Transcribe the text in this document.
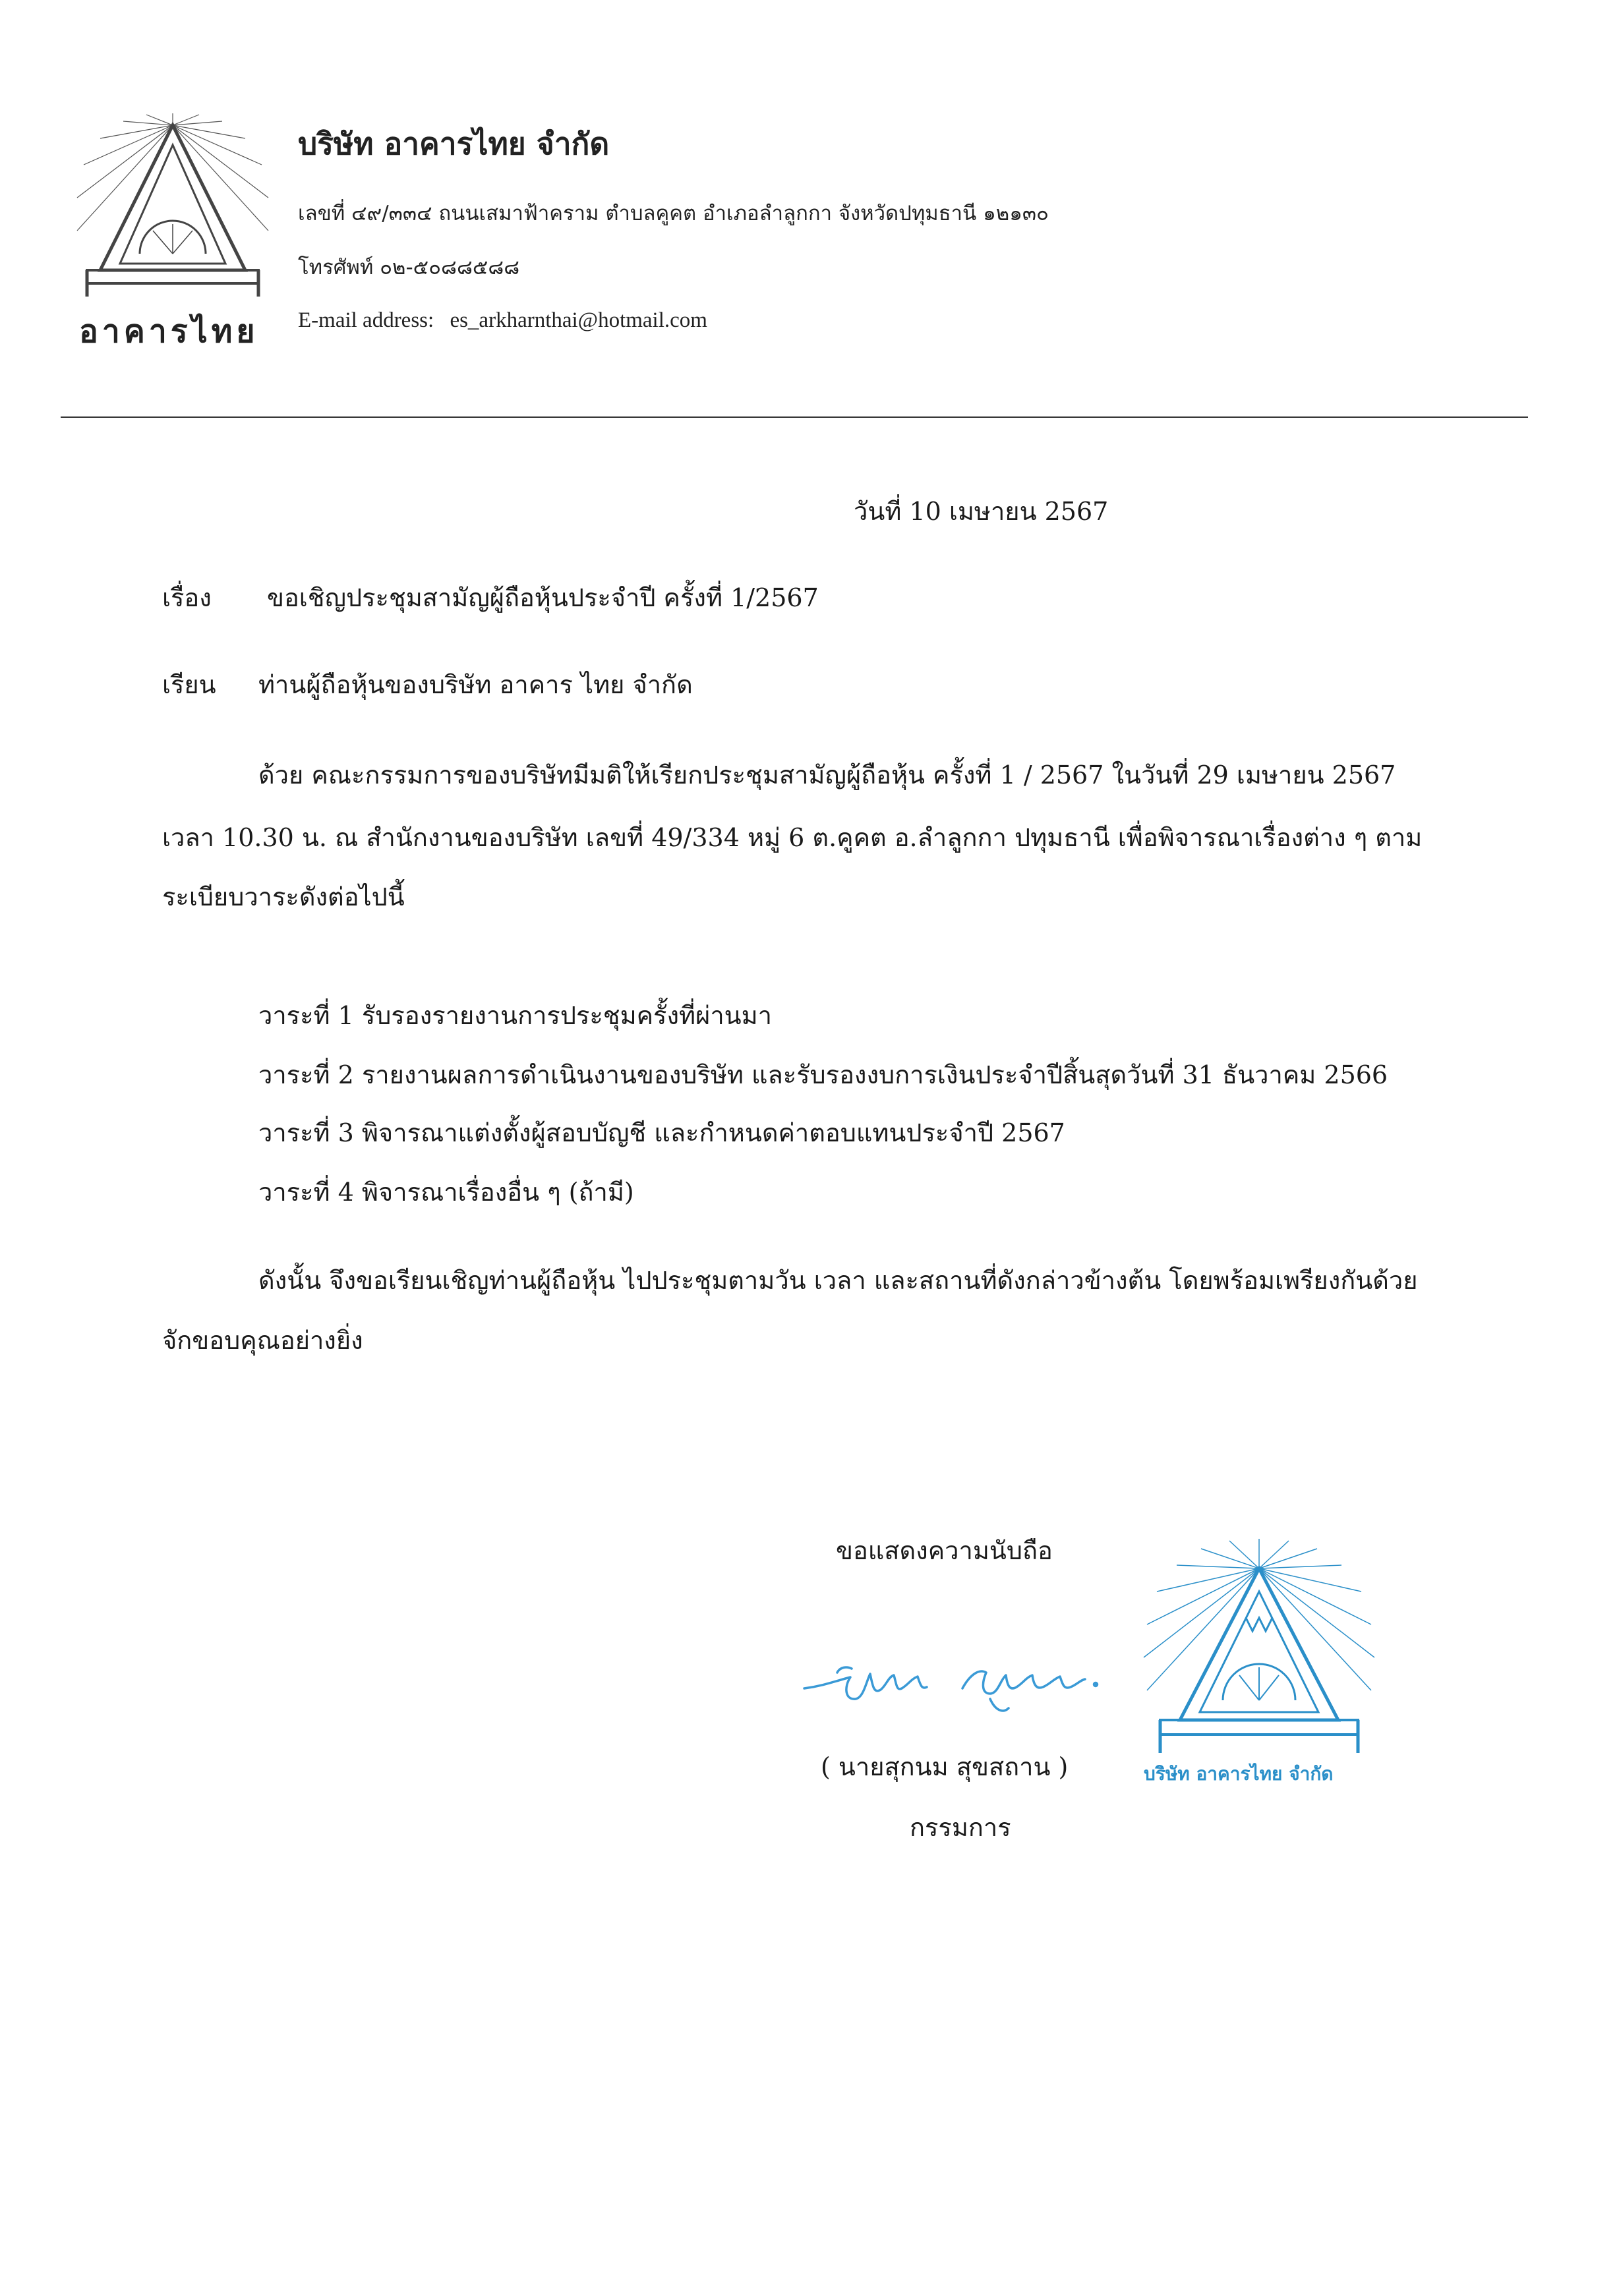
อาคารไทย
บริษัท อาคารไทย จำกัด
เลขที่ ๔๙/๓๓๔ ถนนเสมาฟ้าคราม ตำบลคูคต อำเภอลำลูกกา จังหวัดปทุมธานี ๑๒๑๓๐
โทรศัพท์ ๐๒-๕๐๘๘๕๘๘
E-mail address: es_arkharnthai@hotmail.com
วันที่ 10 เมษายน 2567
เรื่อง ขอเชิญประชุมสามัญผู้ถือหุ้นประจำปี ครั้งที่ 1/2567
เรียน ท่านผู้ถือหุ้นของบริษัท อาคาร ไทย จำกัด
ด้วย คณะกรรมการของบริษัทมีมติให้เรียกประชุมสามัญผู้ถือหุ้น ครั้งที่ 1 / 2567 ในวันที่ 29 เมษายน 2567
เวลา 10.30 น. ณ สำนักงานของบริษัท เลขที่ 49/334 หมู่ 6 ต.คูคต อ.ลำลูกกา ปทุมธานี เพื่อพิจารณาเรื่องต่าง ๆ ตาม
ระเบียบวาระดังต่อไปนี้
วาระที่ 1 รับรองรายงานการประชุมครั้งที่ผ่านมา
วาระที่ 2 รายงานผลการดำเนินงานของบริษัท และรับรองงบการเงินประจำปีสิ้นสุดวันที่ 31 ธันวาคม 2566
วาระที่ 3 พิจารณาแต่งตั้งผู้สอบบัญชี และกำหนดค่าตอบแทนประจำปี 2567
วาระที่ 4 พิจารณาเรื่องอื่น ๆ (ถ้ามี)
ดังนั้น จึงขอเรียนเชิญท่านผู้ถือหุ้น ไปประชุมตามวัน เวลา และสถานที่ดังกล่าวข้างต้น โดยพร้อมเพรียงกันด้วย
จักขอบคุณอย่างยิ่ง
ขอแสดงความนับถือ
( นายสุกนม สุขสถาน )
กรรมการ
บริษัท อาคารไทย จำกัด
